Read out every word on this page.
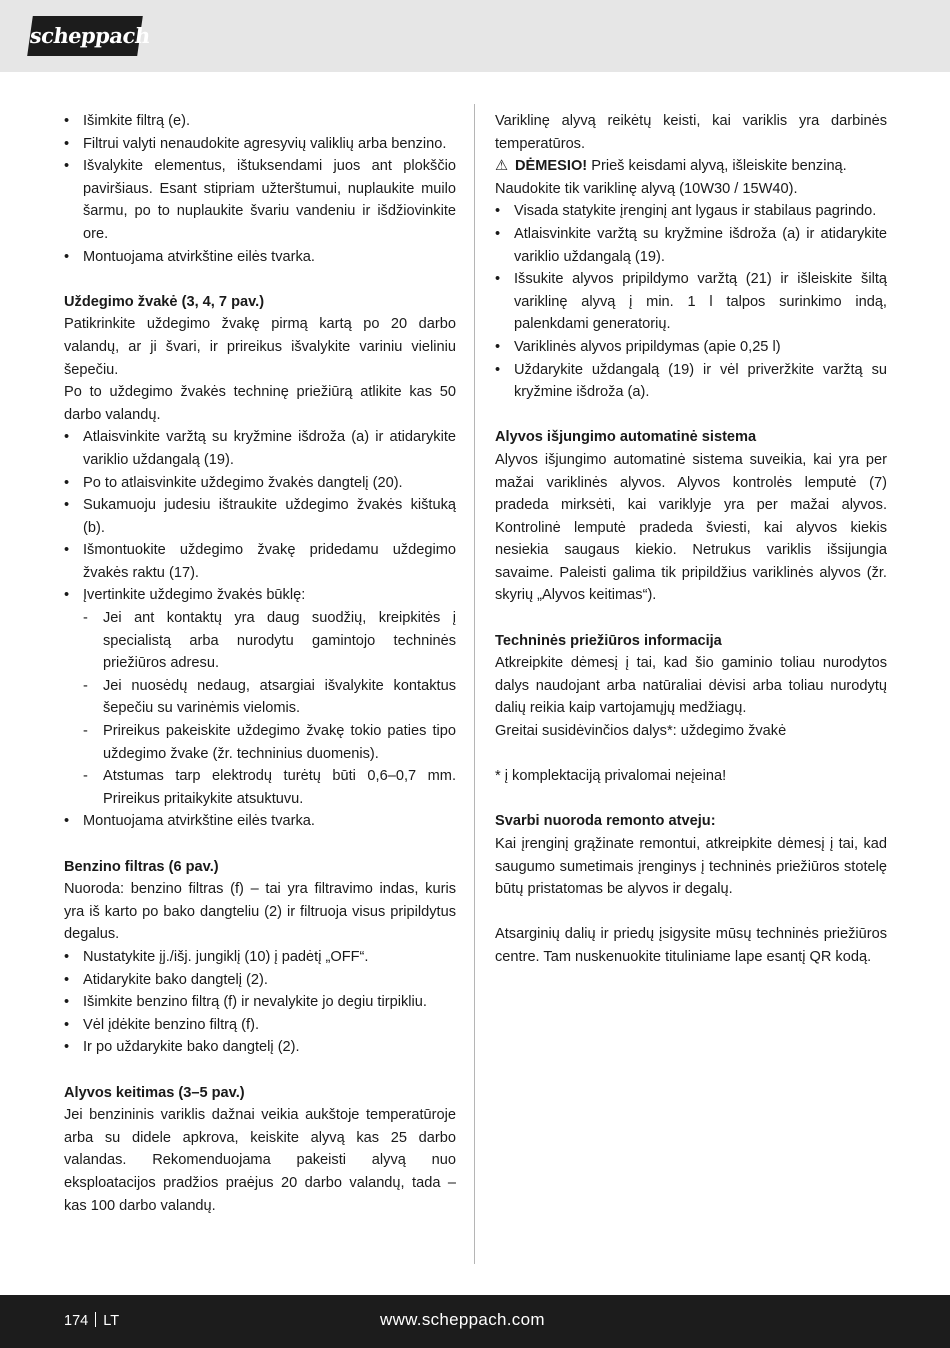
scheppach
• Išimkite filtrą (e).
• Filtrui valyti nenaudokite agresyvių valiklių arba benzino.
• Išvalykite elementus, ištuksendami juos ant plokščio paviršiaus. Esant stipriam užterštumui, nuplaukite muilo šarmu, po to nuplaukite švariu vandeniu ir išdžiovinkite ore.
• Montuojama atvirkštine eilės tvarka.

Uždegimo žvakė (3, 4, 7 pav.)

Patikrinkite uždegimo žvakę pirmą kartą po 20 darbo valandų, ar ji švari, ir prireikus išvalykite variniu vieliniu šepečiu.

Po to uždegimo žvakės techninę priežiūrą atlikite kas 50 darbo valandų.

• Atlaisvinkite varžtą su kryžmine išdroža (a) ir atidarykite variklio uždangalą (19).
• Po to atlaisvinkite uždegimo žvakės dangtelį (20).
• Sukamuoju judesiu ištraukite uždegimo žvakės kištuką (b).
• Išmontuokite uždegimo žvakę pridedamu uždegimo žvakės raktu (17).
• Įvertinkite uždegimo žvakės būklę:
- Jei ant kontaktų yra daug suodžių, kreipkitės į specialistą arba nurodytu gamintojo techninės priežiūros adresu.
- Jei nuosėdų nedaug, atsargiai išvalykite kontaktus šepečiu su varinėmis vielomis.
- Prireikus pakeiskite uždegimo žvakę tokio paties tipo uždegimo žvake (žr. techninius duomenis).
- Atstumas tarp elektrodų turėtų būti 0,6–0,7 mm. Prireikus pritaikykite atsuktuvu.
• Montuojama atvirkštine eilės tvarka.

Benzino filtras (6 pav.)

Nuoroda: benzino filtras (f) – tai yra filtravimo indas, kuris yra iš karto po bako dangteliu (2) ir filtruoja visus pripildytus degalus.

• Nustatykite įj./išj. jungiklį (10) į padėtį „OFF“.
• Atidarykite bako dangtelį (2).
• Išimkite benzino filtrą (f) ir nevalykite jo degiu tirpikliu.
• Vėl įdėkite benzino filtrą (f).
• Ir po uždarykite bako dangtelį (2).

Alyvos keitimas (3–5 pav.)

Jei benzininis variklis dažnai veikia aukštoje temperatūroje arba su didele apkrova, keiskite alyvą kas 25 darbo valandas. Rekomenduojama pakeisti alyvą nuo eksploatacijos pradžios praėjus 20 darbo valandų, tada – kas 100 darbo valandų.

Variklinę alyvą reikėtų keisti, kai variklis yra darbinės temperatūros.

⚠ DĖMESIO! Prieš keisdami alyvą, išleiskite benziną.

Naudokite tik variklinę alyvą (10W30 / 15W40).

• Visada statykite įrenginį ant lygaus ir stabilaus pagrindo.
• Atlaisvinkite varžtą su kryžmine išdroža (a) ir atidarykite variklio uždangalą (19).
• Išsukite alyvos pripildymo varžtą (21) ir išleiskite šiltą variklinę alyvą į min. 1 l talpos surinkimo indą, palenkdami generatorių.
• Variklinės alyvos pripildymas (apie 0,25 l)
• Uždarykite uždangalą (19) ir vėl priveržkite varžtą su kryžmine išdroža (a).

Alyvos išjungimo automatinė sistema

Alyvos išjungimo automatinė sistema suveikia, kai yra per mažai variklinės alyvos. Alyvos kontrolės lemputė (7) pradeda mirksėti, kai variklyje yra per mažai alyvos. Kontrolinė lemputė pradeda šviesti, kai alyvos kiekis nesiekia saugaus kiekio. Netrukus variklis išsijungia savaime. Paleisti galima tik pripildžius variklinės alyvos (žr. skyrių „Alyvos keitimas“).

Techninės priežiūros informacija

Atkreipkite dėmesį į tai, kad šio gaminio toliau nurodytos dalys naudojant arba natūraliai dėvisi arba toliau nurodytų dalių reikia kaip vartojamųjų medžiagų.

Greitai susidėvinčios dalys*: uždegimo žvakė

* į komplektaciją privalomai neįeina!

Svarbi nuoroda remonto atveju:

Kai įrenginį grąžinate remontui, atkreipkite dėmesį į tai, kad saugumo sumetimais įrenginys į techninės priežiūros stotelę būtų pristatomas be alyvos ir degalų.

Atsarginių dalių ir priedų įsigysite mūsų techninės priežiūros centre. Tam nuskenuokite tituliniame lape esantį QR kodą.

174 LT	www.scheppach.com
